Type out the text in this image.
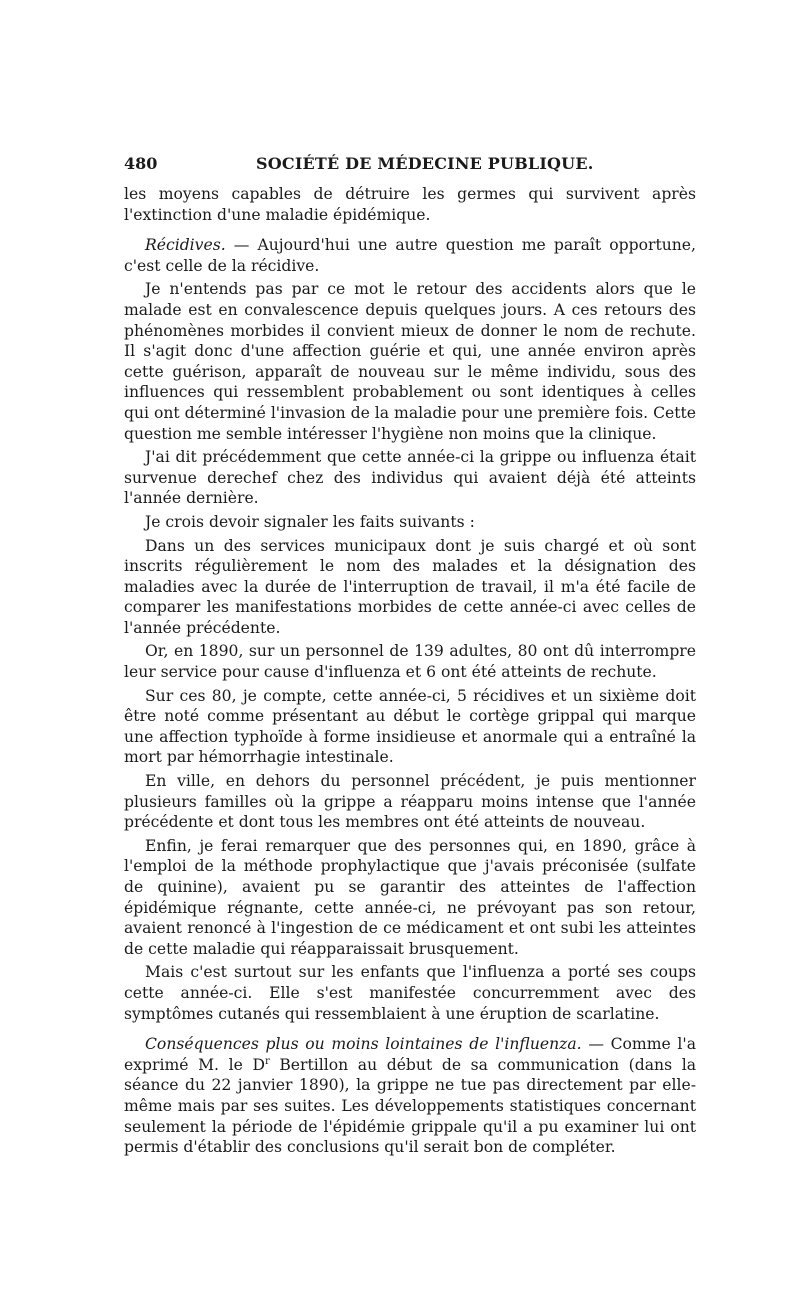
480	SOCIÉTÉ DE MÉDECINE PUBLIQUE.

les moyens capables de détruire les germes qui survivent après l'extinction d'une maladie épidémique.

Récidives. — Aujourd'hui une autre question me paraît opportune, c'est celle de la récidive.

Je n'entends pas par ce mot le retour des accidents alors que le malade est en convalescence depuis quelques jours. A ces retours des phénomènes morbides il convient mieux de donner le nom de rechute. Il s'agit donc d'une affection guérie et qui, une année environ après cette guérison, apparaît de nouveau sur le même individu, sous des influences qui ressemblent probablement ou sont identiques à celles qui ont déterminé l'invasion de la maladie pour une première fois. Cette question me semble intéresser l'hygiène non moins que la clinique.

J'ai dit précédemment que cette année-ci la grippe ou influenza était survenue derechef chez des individus qui avaient déjà été atteints l'année dernière.

Je crois devoir signaler les faits suivants :

Dans un des services municipaux dont je suis chargé et où sont inscrits régulièrement le nom des malades et la désignation des maladies avec la durée de l'interruption de travail, il m'a été facile de comparer les manifestations morbides de cette année-ci avec celles de l'année précédente.

Or, en 1890, sur un personnel de 139 adultes, 80 ont dû interrompre leur service pour cause d'influenza et 6 ont été atteints de rechute.

Sur ces 80, je compte, cette année-ci, 5 récidives et un sixième doit être noté comme présentant au début le cortège grippal qui marque une affection typhoïde à forme insidieuse et anormale qui a entraîné la mort par hémorrhagie intestinale.

En ville, en dehors du personnel précédent, je puis mentionner plusieurs familles où la grippe a réapparu moins intense que l'année précédente et dont tous les membres ont été atteints de nouveau.

Enfin, je ferai remarquer que des personnes qui, en 1890, grâce à l'emploi de la méthode prophylactique que j'avais préconisée (sulfate de quinine), avaient pu se garantir des atteintes de l'affection épidémique régnante, cette année-ci, ne prévoyant pas son retour, avaient renoncé à l'ingestion de ce médicament et ont subi les atteintes de cette maladie qui réapparaissait brusquement.

Mais c'est surtout sur les enfants que l'influenza a porté ses coups cette année-ci. Elle s'est manifestée concurremment avec des symptômes cutanés qui ressemblaient à une éruption de scarlatine.

Conséquences plus ou moins lointaines de l'influenza. — Comme l'a exprimé M. le $D^r$ Bertillon au début de sa communication (dans la séance du 22 janvier 1890), la grippe ne tue pas directement par elle-même mais par ses suites. Les développements statistiques concernant seulement la période de l'épidémie grippale qu'il a pu examiner lui ont permis d'établir des conclusions qu'il serait bon de compléter.
